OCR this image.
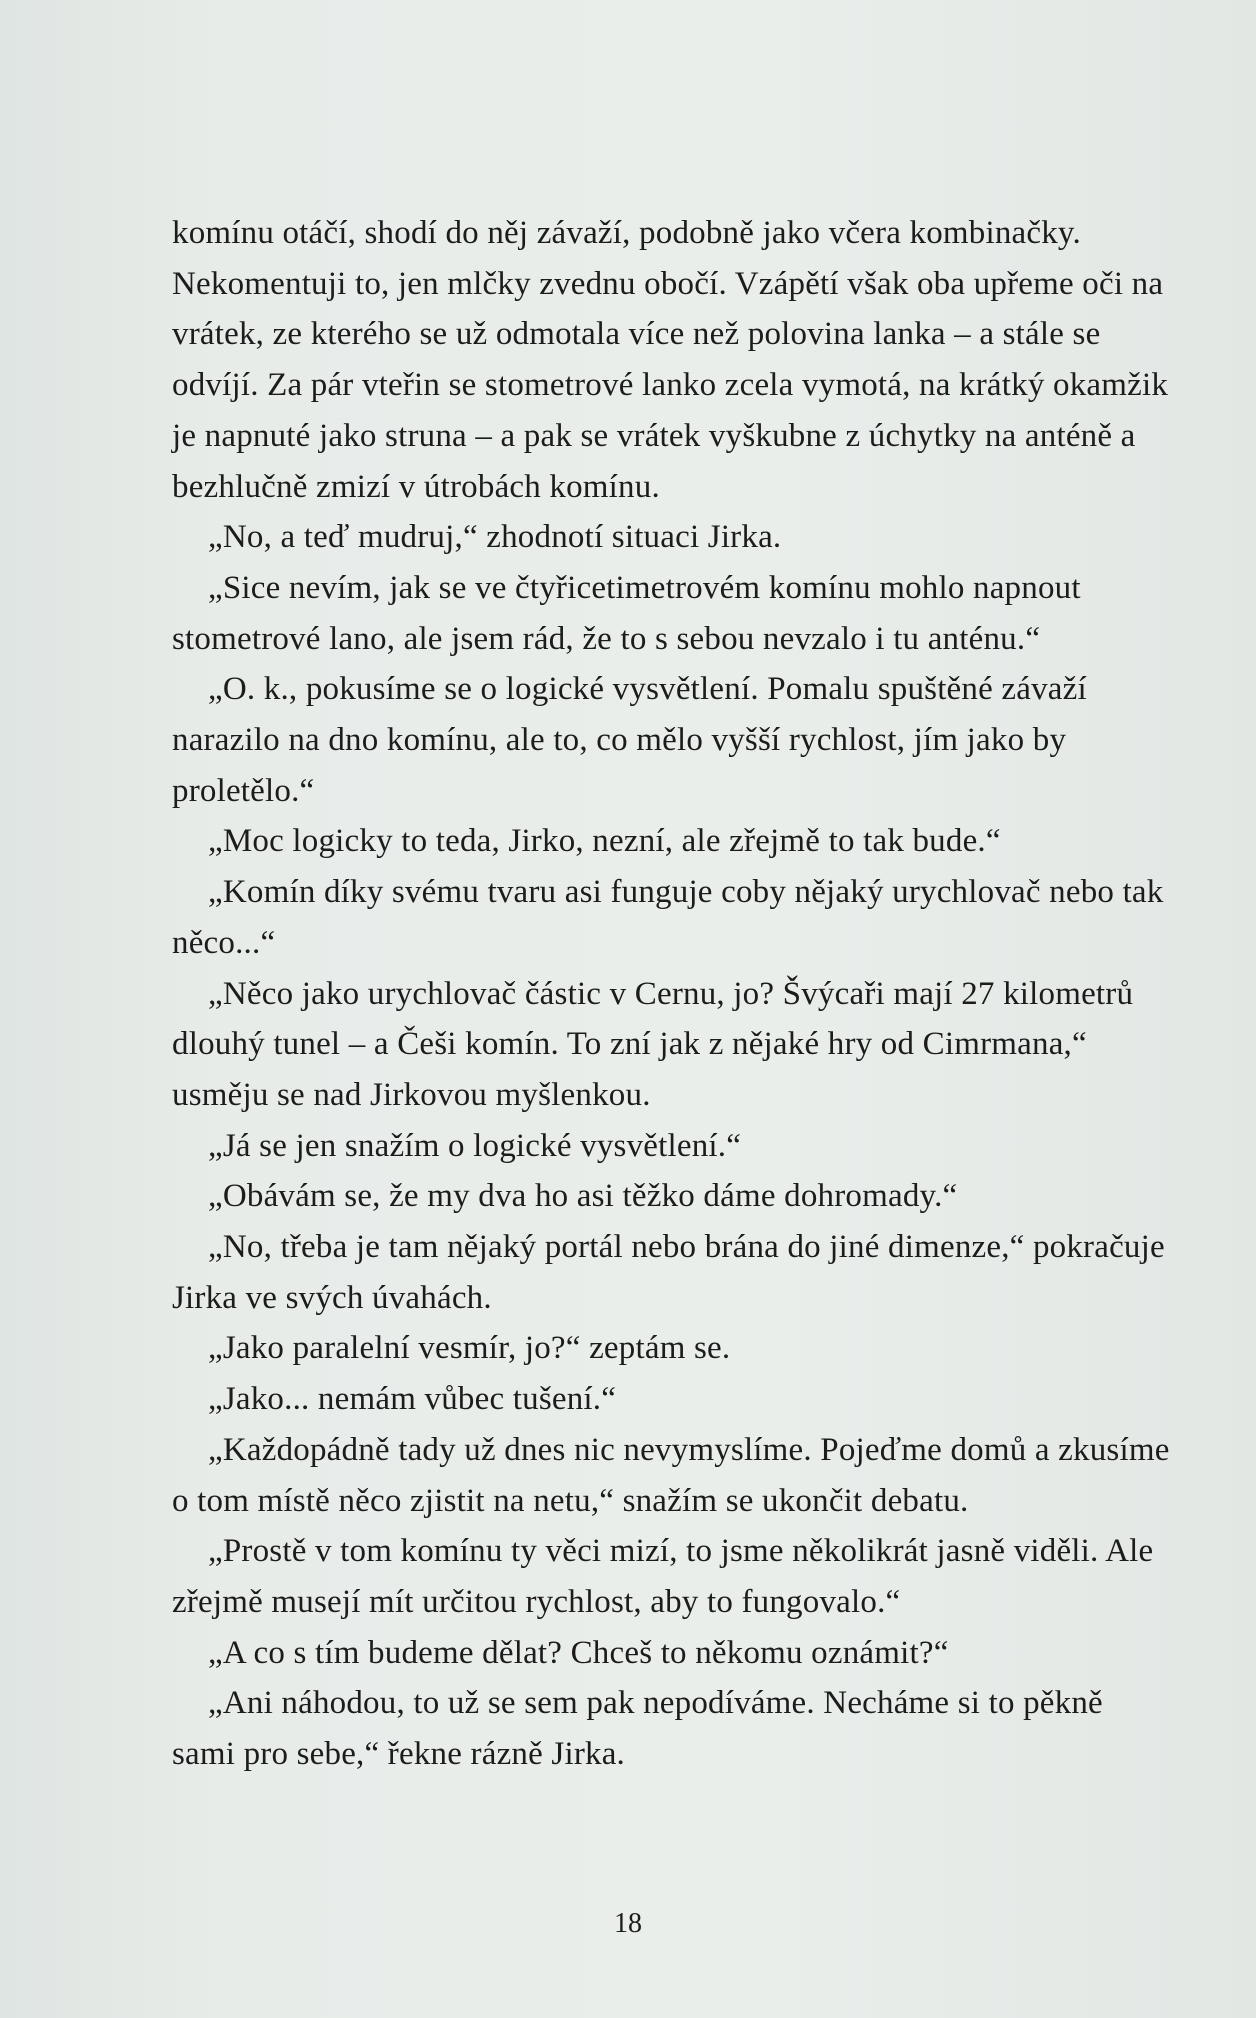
komínu otáčí, shodí do něj závaží, podobně jako včera kombinačky. Nekomentuji to, jen mlčky zvednu obočí. Vzápětí však oba upřeme oči na vrátek, ze kterého se už odmotala více než polovina lanka – a stále se odvíjí. Za pár vteřin se stometrové lanko zcela vymotá, na krátký okamžik je napnuté jako struna – a pak se vrátek vyškubne z úchytky na anténě a bezhlučně zmizí v útrobách komínu.

„No, a teď mudruj,“ zhodnotí situaci Jirka.

„Sice nevím, jak se ve čtyřicetimetrovém komínu mohlo napnout stometrové lano, ale jsem rád, že to s sebou nevzalo i tu anténu.“

„O. k., pokusíme se o logické vysvětlení. Pomalu spuštěné závaží narazilo na dno komínu, ale to, co mělo vyšší rychlost, jím jako by proletělo.“

„Moc logicky to teda, Jirko, nezní, ale zřejmě to tak bude.“

„Komín díky svému tvaru asi funguje coby nějaký urychlovač nebo tak něco...“

„Něco jako urychlovač částic v Cernu, jo? Švýcaři mají 27 kilometrů dlouhý tunel – a Češi komín. To zní jak z nějaké hry od Cimrmana,“ usměju se nad Jirkovou myšlenkou.

„Já se jen snažím o logické vysvětlení.“

„Obávám se, že my dva ho asi těžko dáme dohromady.“

„No, třeba je tam nějaký portál nebo brána do jiné dimenze,“ pokračuje Jirka ve svých úvahách.

„Jako paralelní vesmír, jo?“ zeptám se.

„Jako... nemám vůbec tušení.“

„Každopádně tady už dnes nic nevymyslíme. Pojeďme domů a zkusíme o tom místě něco zjistit na netu,“ snažím se ukončit debatu.

„Prostě v tom komínu ty věci mizí, to jsme několikrát jasně viděli. Ale zřejmě musejí mít určitou rychlost, aby to fungovalo.“

„A co s tím budeme dělat? Chceš to někomu oznámit?“

„Ani náhodou, to už se sem pak nepodíváme. Necháme si to pěkně sami pro sebe,“ řekne rázně Jirka.

18
